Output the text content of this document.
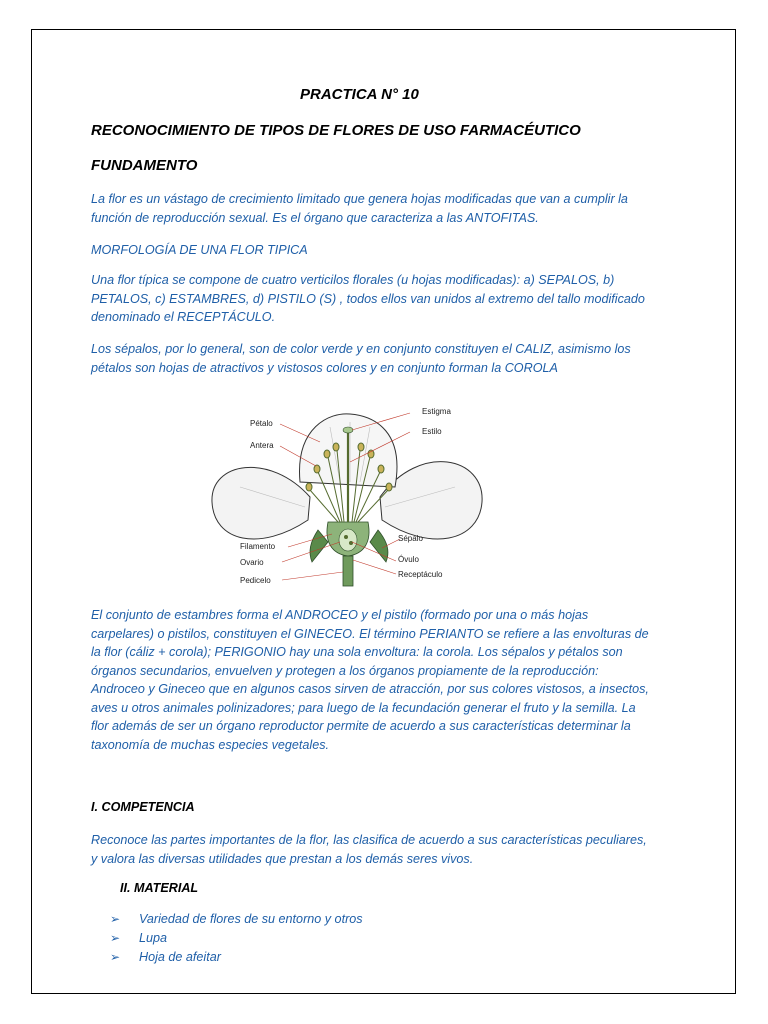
PRACTICA N° 10
RECONOCIMIENTO DE TIPOS DE FLORES DE USO FARMACÉUTICO
FUNDAMENTO
La flor es un vástago de crecimiento limitado que genera hojas modificadas que van a cumplir la
función de reproducción sexual. Es el órgano que caracteriza a las ANTOFITAS.
MORFOLOGÍA DE UNA FLOR TIPICA
Una flor típica se compone de cuatro verticilos florales (u hojas modificadas): a) SEPALOS, b)
PETALOS, c) ESTAMBRES, d) PISTILO (S) , todos ellos van unidos al extremo del tallo modificado
denominado el RECEPTÁCULO.
Los sépalos, por lo general, son de color verde y en conjunto constituyen el CALIZ, asimismo los
pétalos son hojas de atractivos y vistosos colores y en conjunto forman la COROLA
Pétalo
Antera
Filamento
Ovario
Pedicelo
Estigma
Estilo
Sépalo
Óvulo
Receptáculo
El conjunto de estambres forma el ANDROCEO y el pistilo (formado por una o más hojas
carpelares) o pistilos, constituyen el GINECEO. El término PERIANTO se refiere a las envolturas de
la flor (cáliz + corola); PERIGONIO hay una sola envoltura: la corola. Los sépalos y pétalos son
órganos secundarios, envuelven y protegen a los órganos propiamente de la reproducción:
Androceo y Gineceo que en algunos casos sirven de atracción, por sus colores vistosos, a insectos,
aves u otros animales polinizadores; para luego de la fecundación generar el fruto y la semilla. La
flor además de ser un órgano reproductor permite de acuerdo a sus características determinar la
taxonomía de muchas especies vegetales.
I. COMPETENCIA
Reconoce las partes importantes de la flor, las clasifica de acuerdo a sus características peculiares,
y valora las diversas utilidades que prestan a los demás seres vivos.
II. MATERIAL
➢ Variedad de flores de su entorno y otros
➢ Lupa
➢ Hoja de afeitar
